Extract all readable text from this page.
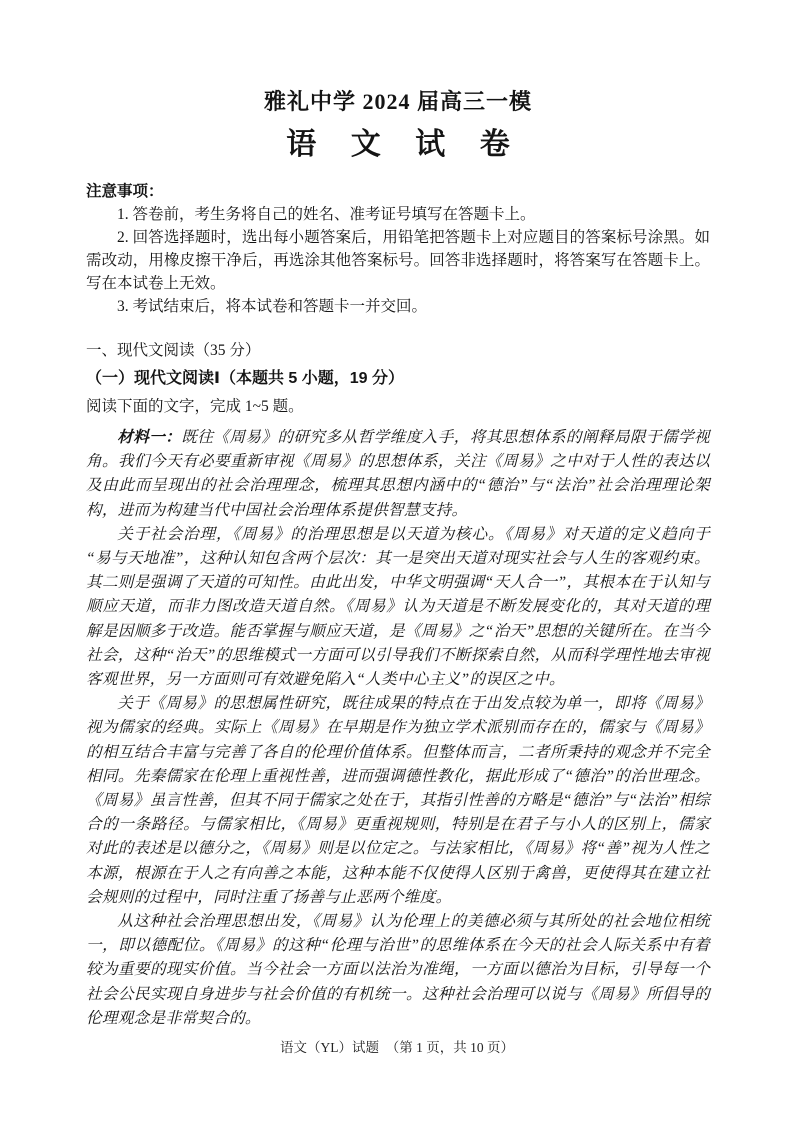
雅礼中学 2024 届高三一模
语 文 试 卷

注意事项：

1. 答卷前，考生务将自己的姓名、准考证号填写在答题卡上。

2. 回答选择题时，选出每小题答案后，用铅笔把答题卡上对应题目的答案标号涂黑。如需改动，用橡皮擦干净后，再选涂其他答案标号。回答非选择题时，将答案写在答题卡上。写在本试卷上无效。

3. 考试结束后，将本试卷和答题卡一并交回。

一、现代文阅读（35 分）

（一）现代文阅读Ⅰ（本题共 5 小题，19 分）

阅读下面的文字，完成 1~5 题。

材料一：既往《周易》的研究多从哲学维度入手，将其思想体系的阐释局限于儒学视角。我们今天有必要重新审视《周易》的思想体系，关注《周易》之中对于人性的表达以及由此而呈现出的社会治理理念，梳理其思想内涵中的“德治”与“法治”社会治理理论架构，进而为构建当代中国社会治理体系提供智慧支持。

关于社会治理，《周易》的治理思想是以天道为核心。《周易》对天道的定义趋向于“易与天地准”，这种认知包含两个层次：其一是突出天道对现实社会与人生的客观约束。其二则是强调了天道的可知性。由此出发，中华文明强调“天人合一”，其根本在于认知与顺应天道，而非力图改造天道自然。《周易》认为天道是不断发展变化的，其对天道的理解是因顺多于改造。能否掌握与顺应天道，是《周易》之“治天”思想的关键所在。在当今社会，这种“治天”的思维模式一方面可以引导我们不断探索自然，从而科学理性地去审视客观世界，另一方面则可有效避免陷入“人类中心主义”的误区之中。

关于《周易》的思想属性研究，既往成果的特点在于出发点较为单一，即将《周易》视为儒家的经典。实际上《周易》在早期是作为独立学术派别而存在的，儒家与《周易》的相互结合丰富与完善了各自的伦理价值体系。但整体而言，二者所秉持的观念并不完全相同。先秦儒家在伦理上重视性善，进而强调德性教化，据此形成了“德治”的治世理念。《周易》虽言性善，但其不同于儒家之处在于，其指引性善的方略是“德治”与“法治”相综合的一条路径。与儒家相比，《周易》更重视规则，特别是在君子与小人的区别上，儒家对此的表述是以德分之，《周易》则是以位定之。与法家相比，《周易》将“善”视为人性之本源，根源在于人之有向善之本能，这种本能不仅使得人区别于禽兽，更使得其在建立社会规则的过程中，同时注重了扬善与止恶两个维度。

从这种社会治理思想出发，《周易》认为伦理上的美德必须与其所处的社会地位相统一，即以德配位。《周易》的这种“伦理与治世”的思维体系在今天的社会人际关系中有着较为重要的现实价值。当今社会一方面以法治为准绳，一方面以德治为目标，引导每一个社会公民实现自身进步与社会价值的有机统一。这种社会治理可以说与《周易》所倡导的伦理观念是非常契合的。

语文（YL）试题　（第 1 页，共 10 页）
